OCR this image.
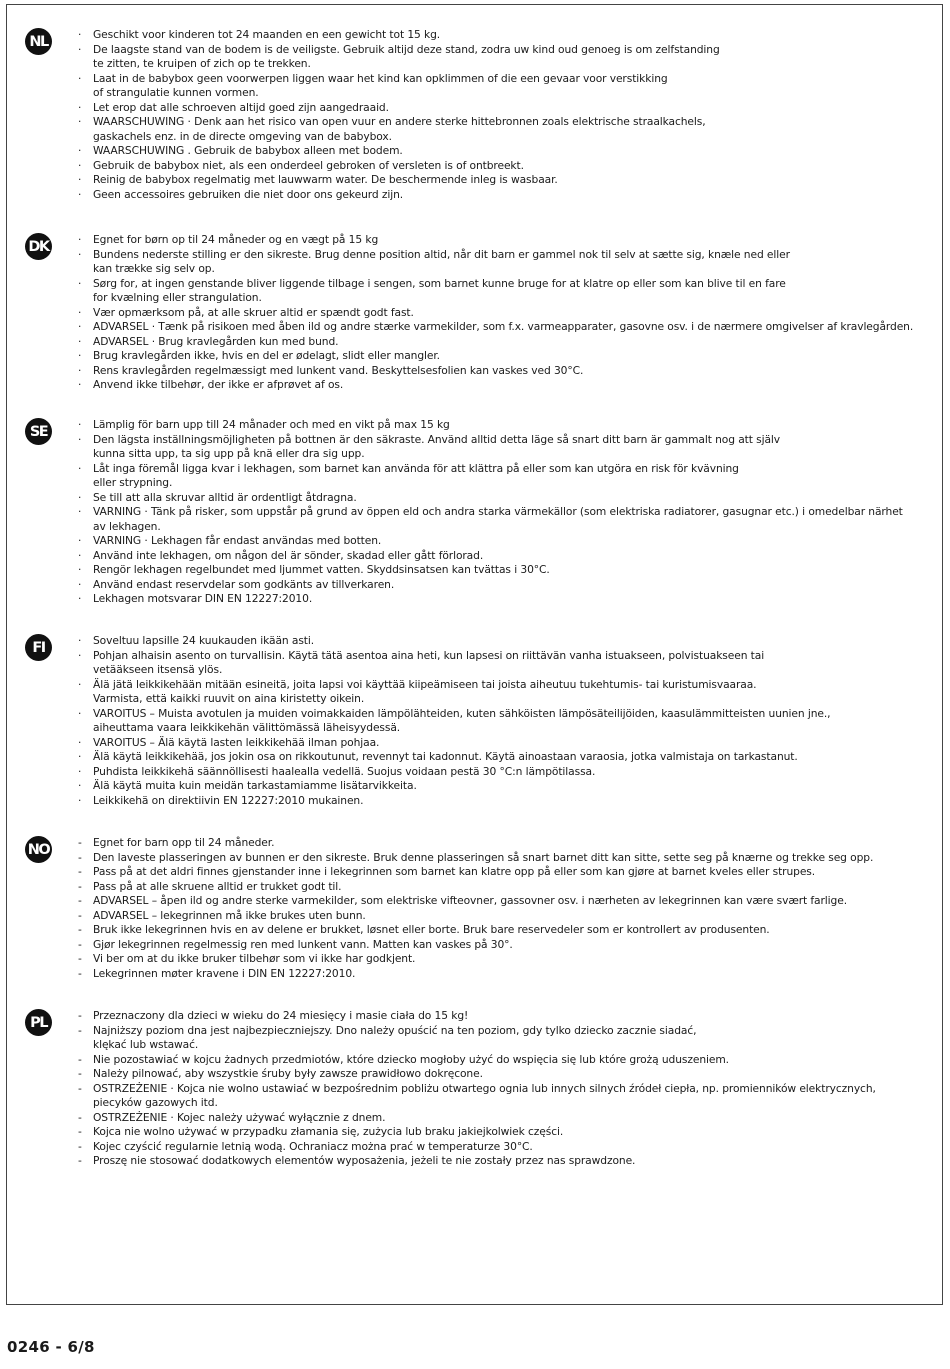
NL	· Geschikt voor kinderen tot 24 maanden en een gewicht tot 15 kg.
· De laagste stand van de bodem is de veiligste. Gebruik altijd deze stand, zodra uw kind oud genoeg is om zelfstanding
te zitten, te kruipen of zich op te trekken.
· Laat in de babybox geen voorwerpen liggen waar het kind kan opklimmen of die een gevaar voor verstikking
of strangulatie kunnen vormen.
· Let erop dat alle schroeven altijd goed zijn aangedraaid.
· WAARSCHUWING · Denk aan het risico van open vuur en andere sterke hittebronnen zoals elektrische straalkachels,
gaskachels enz. in de directe omgeving van de babybox.
· WAARSCHUWING . Gebruik de babybox alleen met bodem.
· Gebruik de babybox niet, als een onderdeel gebroken of versleten is of ontbreekt.
· Reinig de babybox regelmatig met lauwwarm water. De beschermende inleg is wasbaar.
· Geen accessoires gebruiken die niet door ons gekeurd zijn.
DK	· Egnet for børn op til 24 måneder og en vægt på 15 kg
· Bundens nederste stilling er den sikreste. Brug denne position altid, når dit barn er gammel nok til selv at sætte sig, knæle ned eller
kan trække sig selv op.
· Sørg for, at ingen genstande bliver liggende tilbage i sengen, som barnet kunne bruge for at klatre op eller som kan blive til en fare
for kvælning eller strangulation.
· Vær opmærksom på, at alle skruer altid er spændt godt fast.
· ADVARSEL · Tænk på risikoen med åben ild og andre stærke varmekilder, som f.x. varmeapparater, gasovne osv. i de nærmere omgivelser af kravlegården.
· ADVARSEL · Brug kravlegården kun med bund.
· Brug kravlegården ikke, hvis en del er ødelagt, slidt eller mangler.
· Rens kravlegården regelmæssigt med lunkent vand. Beskyttelsesfolien kan vaskes ved 30°C.
· Anvend ikke tilbehør, der ikke er afprøvet af os.
SE	· Lämplig för barn upp till 24 månader och med en vikt på max 15 kg
· Den lägsta inställningsmöjligheten på bottnen är den säkraste. Använd alltid detta läge så snart ditt barn är gammalt nog att själv
kunna sitta upp, ta sig upp på knä eller dra sig upp.
· Låt inga föremål ligga kvar i lekhagen, som barnet kan använda för att klättra på eller som kan utgöra en risk för kvävning
eller strypning.
· Se till att alla skruvar alltid är ordentligt åtdragna.
· VARNING · Tänk på risker, som uppstår på grund av öppen eld och andra starka värmekällor (som elektriska radiatorer, gasugnar etc.) i omedelbar närhet
av lekhagen.
· VARNING · Lekhagen får endast användas med botten.
· Använd inte lekhagen, om någon del är sönder, skadad eller gått förlorad.
· Rengör lekhagen regelbundet med ljummet vatten. Skyddsinsatsen kan tvättas i 30°C.
· Använd endast reservdelar som godkänts av tillverkaren.
· Lekhagen motsvarar DIN EN 12227:2010.
FI	· Soveltuu lapsille 24 kuukauden ikään asti.
· Pohjan alhaisin asento on turvallisin. Käytä tätä asentoa aina heti, kun lapsesi on riittävän vanha istuakseen, polvistuakseen tai
vetääkseen itsensä ylös.
· Älä jätä leikkikehään mitään esineitä, joita lapsi voi käyttää kiipeämiseen tai joista aiheutuu tukehtumis- tai kuristumisvaaraa.
Varmista, että kaikki ruuvit on aina kiristetty oikein.
· VAROITUS – Muista avotulen ja muiden voimakkaiden lämpölähteiden, kuten sähköisten lämpösäteilijöiden, kaasulämmitteisten uunien jne.,
aiheuttama vaara leikkikehän välittömässä läheisyydessä.
· VAROITUS – Älä käytä lasten leikkikehää ilman pohjaa.
· Älä käytä leikkikehää, jos jokin osa on rikkoutunut, revennyt tai kadonnut. Käytä ainoastaan varaosia, jotka valmistaja on tarkastanut.
· Puhdista leikkikehä säännöllisesti haalealla vedellä. Suojus voidaan pestä 30 °C:n lämpötilassa.
· Älä käytä muita kuin meidän tarkastamiamme lisätarvikkeita.
· Leikkikehä on direktiivin EN 12227:2010 mukainen.
NO	- Egnet for barn opp til 24 måneder.
- Den laveste plasseringen av bunnen er den sikreste. Bruk denne plasseringen så snart barnet ditt kan sitte, sette seg på knærne og trekke seg opp.
- Pass på at det aldri finnes gjenstander inne i lekegrinnen som barnet kan klatre opp på eller som kan gjøre at barnet kveles eller strupes.
- Pass på at alle skruene alltid er trukket godt til.
- ADVARSEL – åpen ild og andre sterke varmekilder, som elektriske vifteovner, gassovner osv. i nærheten av lekegrinnen kan være svært farlige.
- ADVARSEL – lekegrinnen må ikke brukes uten bunn.
- Bruk ikke lekegrinnen hvis en av delene er brukket, løsnet eller borte. Bruk bare reservedeler som er kontrollert av produsenten.
- Gjør lekegrinnen regelmessig ren med lunkent vann. Matten kan vaskes på 30°.
- Vi ber om at du ikke bruker tilbehør som vi ikke har godkjent.
- Lekegrinnen møter kravene i DIN EN 12227:2010.
PL	- Przeznaczony dla dzieci w wieku do 24 miesięcy i masie ciała do 15 kg!
- Najniższy poziom dna jest najbezpieczniejszy. Dno należy opuścić na ten poziom, gdy tylko dziecko zacznie siadać,
klękać lub wstawać.
- Nie pozostawiać w kojcu żadnych przedmiotów, które dziecko mogłoby użyć do wspięcia się lub które grożą uduszeniem.
- Należy pilnować, aby wszystkie śruby były zawsze prawidłowo dokręcone.
- OSTRZEŻENIE · Kojca nie wolno ustawiać w bezpośrednim pobliżu otwartego ognia lub innych silnych źródeł ciepła, np. promienników elektrycznych,
piecyków gazowych itd.
- OSTRZEŻENIE · Kojec należy używać wyłącznie z dnem.
- Kojca nie wolno używać w przypadku złamania się, zużycia lub braku jakiejkolwiek części.
- Kojec czyścić regularnie letnią wodą. Ochraniacz można prać w temperaturze 30°C.
- Proszę nie stosować dodatkowych elementów wyposażenia, jeżeli te nie zostały przez nas sprawdzone.
0246 - 6/8
